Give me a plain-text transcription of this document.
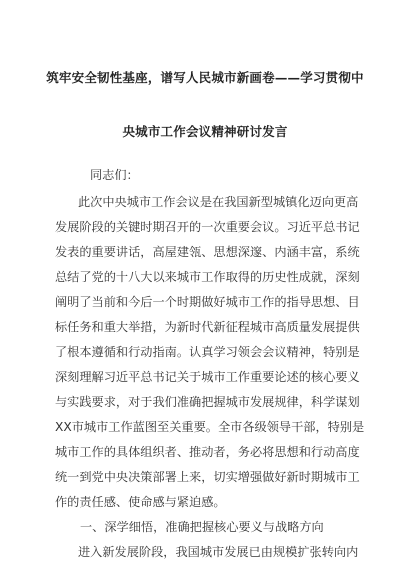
筑牢安全韧性基座，谱写人民城市新画卷——学习贯彻中
央城市工作会议精神研讨发言
同志们：
此次中央城市工作会议是在我国新型城镇化迈向更高
发展阶段的关键时期召开的一次重要会议。习近平总书记
发表的重要讲话，高屋建瓴、思想深邃、内涵丰富，系统
总结了党的十八大以来城市工作取得的历史性成就，深刻
阐明了当前和今后一个时期做好城市工作的指导思想、目
标任务和重大举措，为新时代新征程城市高质量发展提供
了根本遵循和行动指南。认真学习领会会议精神，特别是
深刻理解习近平总书记关于城市工作重要论述的核心要义
与实践要求，对于我们准确把握城市发展规律，科学谋划
XX市城市工作蓝图至关重要。全市各级领导干部，特别是
城市工作的具体组织者、推动者，务必将思想和行动高度
统一到党中央决策部署上来，切实增强做好新时期城市工
作的责任感、使命感与紧迫感。
一、深学细悟，准确把握核心要义与战略方向
进入新发展阶段，我国城市发展已由规模扩张转向内
